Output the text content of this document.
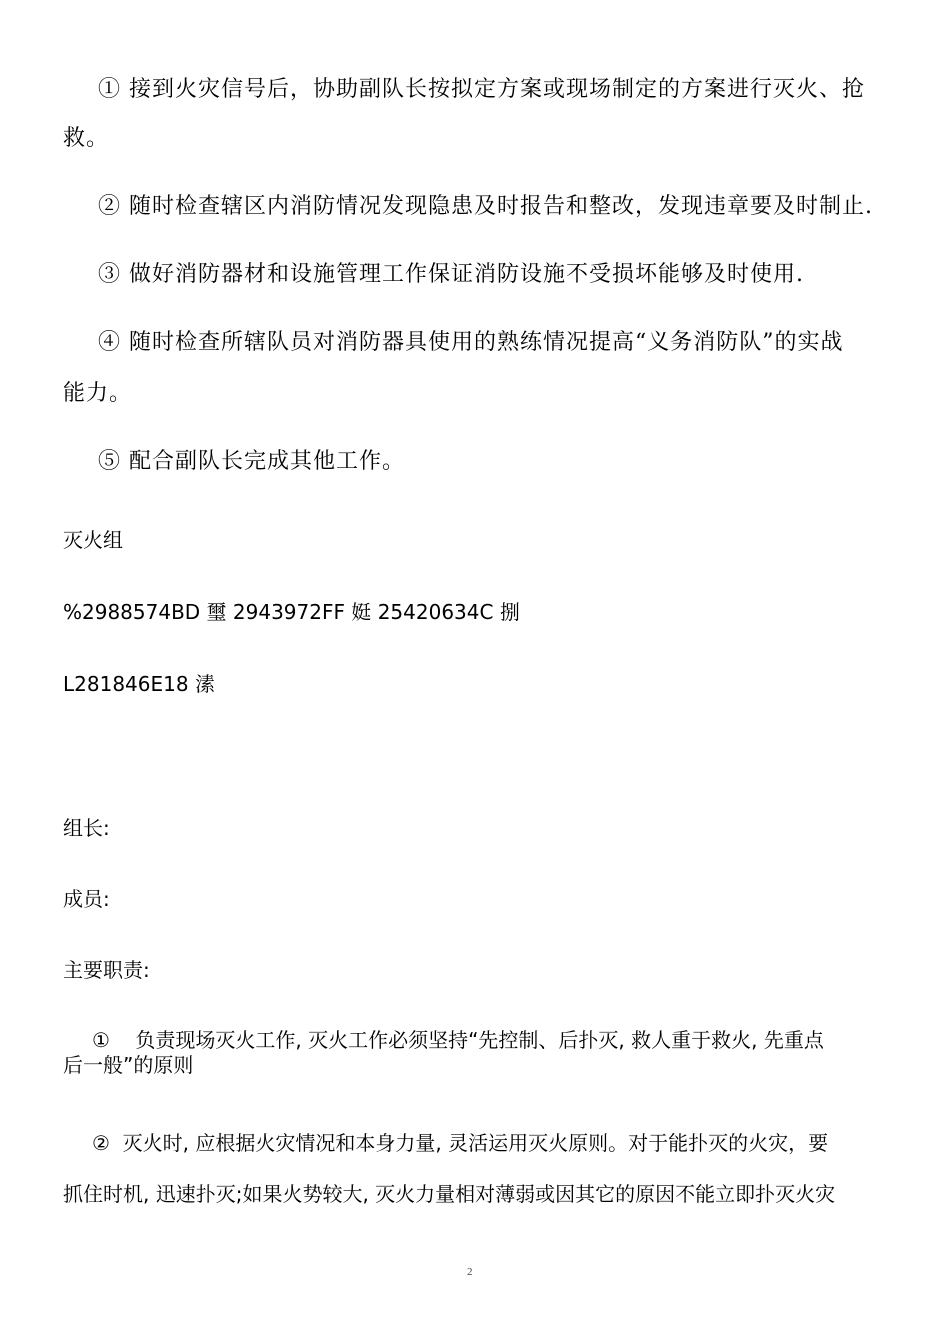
① 接到火灾信号后，协助副队长按拟定方案或现场制定的方案进行灭火、抢
救。
② 随时检查辖区内消防情况发现隐患及时报告和整改，发现违章要及时制止.
③ 做好消防器材和设施管理工作保证消防设施不受损坏能够及时使用.
④ 随时检查所辖队员对消防器具使用的熟练情况提高“义务消防队”的实战
能力。
⑤ 配合副队长完成其他工作。
灭火组
%2988574BD 璽 2943972FF 娗 25420634C 捌
L281846E18 溸
组长:
成员:
主要职责:
①    负责现场灭火工作, 灭火工作必须坚持“先控制、后扑灭, 救人重于救火, 先重点
后一般”的原则
②  灭火时, 应根据火灾情况和本身力量, 灵活运用灭火原则。对于能扑灭的火灾，要
抓住时机, 迅速扑灭;如果火势较大, 灭火力量相对薄弱或因其它的原因不能立即扑灭火灾
2
